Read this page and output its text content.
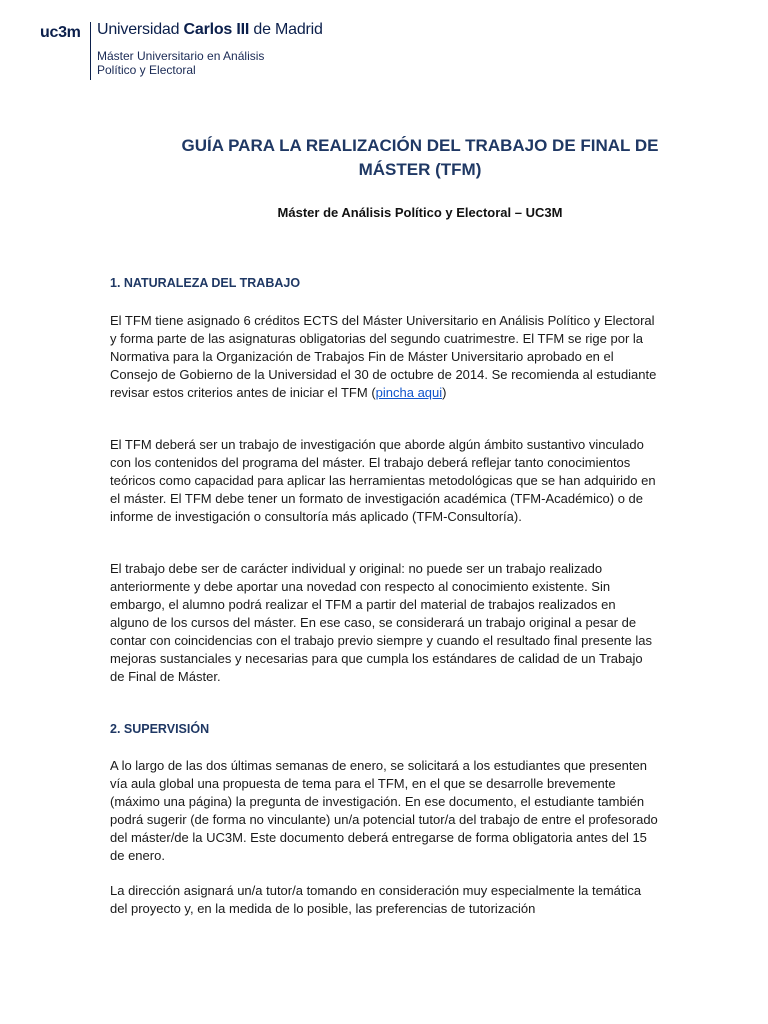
uc3m Universidad Carlos III de Madrid
Máster Universitario en Análisis
Político y Electoral
GUÍA PARA LA REALIZACIÓN DEL TRABAJO DE FINAL DE
MÁSTER (TFM)

Máster de Análisis Político y Electoral – UC3M

1. NATURALEZA DEL TRABAJO

El TFM tiene asignado 6 créditos ECTS del Máster Universitario en Análisis Político y Electoral y forma parte de las asignaturas obligatorias del segundo cuatrimestre. El TFM se rige por la Normativa para la Organización de Trabajos Fin de Máster Universitario aprobado en el Consejo de Gobierno de la Universidad el 30 de octubre de 2014. Se recomienda al estudiante revisar estos criterios antes de iniciar el TFM (pincha aqui)

El TFM deberá ser un trabajo de investigación que aborde algún ámbito sustantivo vinculado con los contenidos del programa del máster. El trabajo deberá reflejar tanto conocimientos teóricos como capacidad para aplicar las herramientas metodológicas que se han adquirido en el máster. El TFM debe tener un formato de investigación académica (TFM-Académico) o de informe de investigación o consultoría más aplicado (TFM-Consultoría).

El trabajo debe ser de carácter individual y original: no puede ser un trabajo realizado anteriormente y debe aportar una novedad con respecto al conocimiento existente. Sin embargo, el alumno podrá realizar el TFM a partir del material de trabajos realizados en alguno de los cursos del máster. En ese caso, se considerará un trabajo original a pesar de contar con coincidencias con el trabajo previo siempre y cuando el resultado final presente las mejoras sustanciales y necesarias para que cumpla los estándares de calidad de un Trabajo de Final de Máster.

2. SUPERVISIÓN

A lo largo de las dos últimas semanas de enero, se solicitará a los estudiantes que presenten vía aula global una propuesta de tema para el TFM, en el que se desarrolle brevemente (máximo una página) la pregunta de investigación. En ese documento, el estudiante también podrá sugerir (de forma no vinculante) un/a potencial tutor/a del trabajo de entre el profesorado del máster/de la UC3M. Este documento deberá entregarse de forma obligatoria antes del 15 de enero.

La dirección asignará un/a tutor/a tomando en consideración muy especialmente la temática del proyecto y, en la medida de lo posible, las preferencias de tutorización
